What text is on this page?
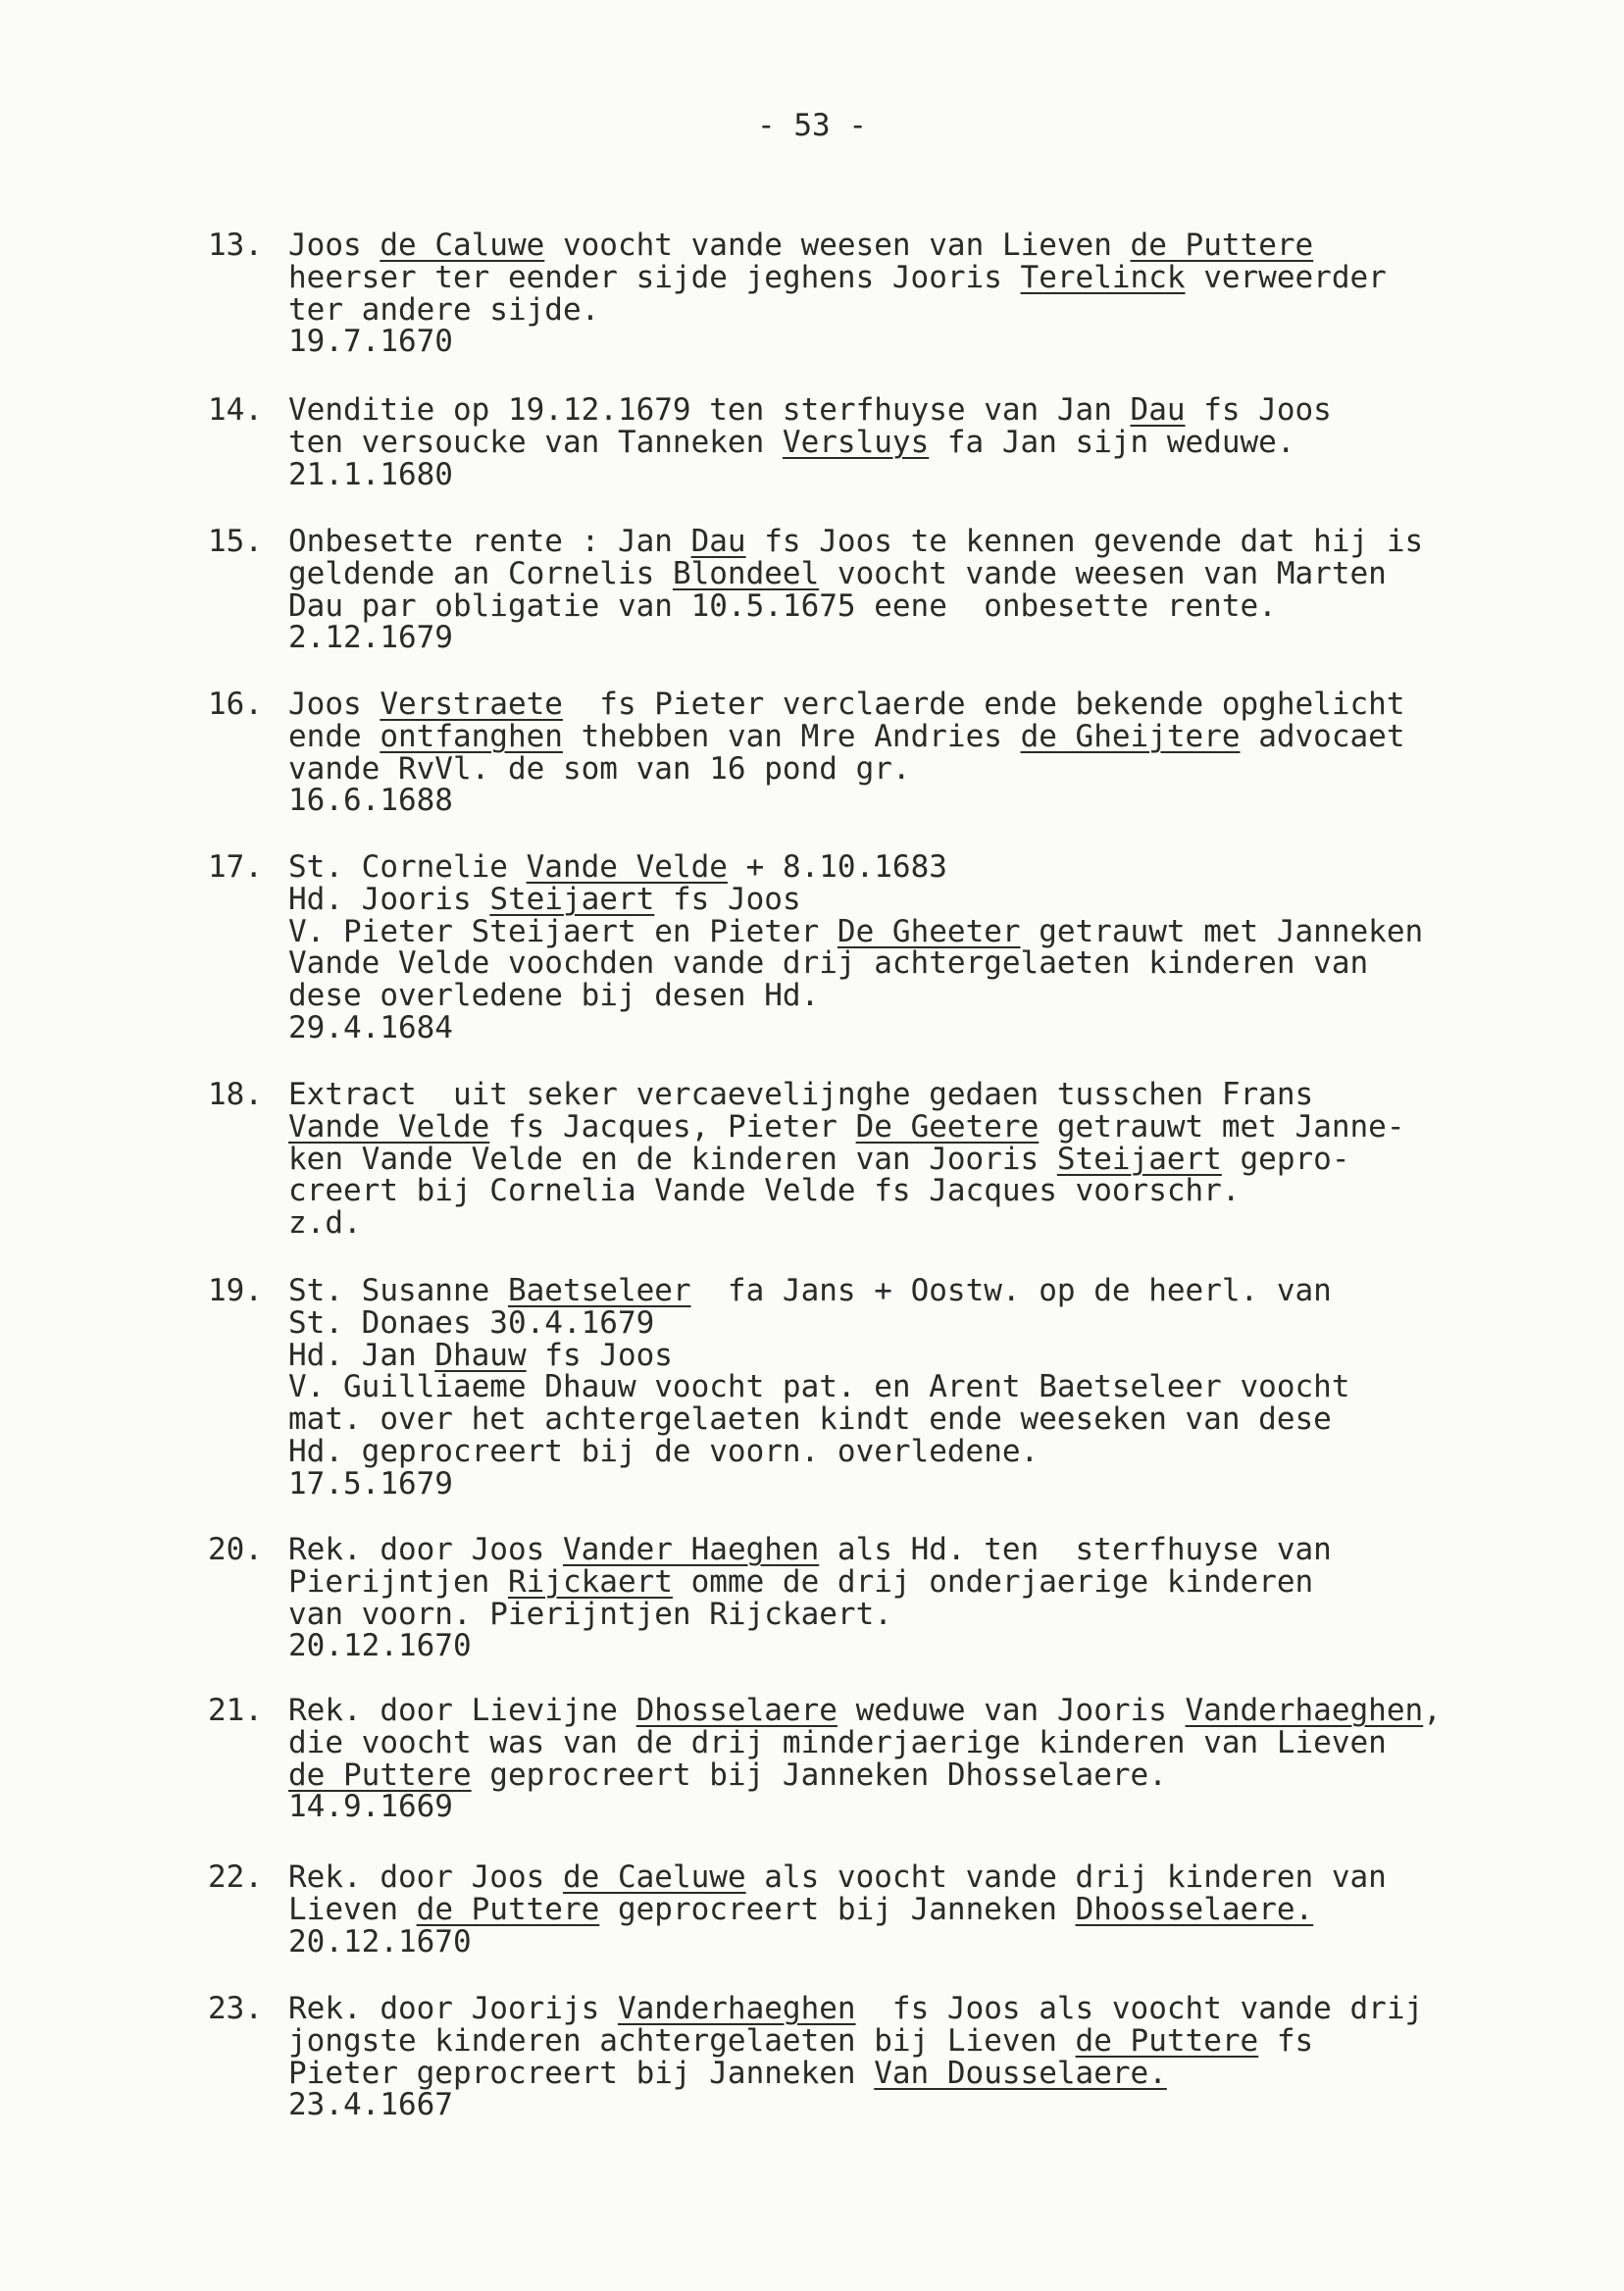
- 53 -
13. Joos de Caluwe voocht vande weesen van Lieven de Puttere
heerser ter eender sijde jeghens Jooris Terelinck verweerder
ter andere sijde.
19.7.1670
14. Venditie op 19.12.1679 ten sterfhuyse van Jan Dau fs Joos
ten versoucke van Tanneken Versluys fa Jan sijn weduwe.
21.1.1680
15. Onbesette rente : Jan Dau fs Joos te kennen gevende dat hij is
geldende an Cornelis Blondeel voocht vande weesen van Marten
Dau par obligatie van 10.5.1675 eene  onbesette rente.
2.12.1679
16. Joos Verstraete  fs Pieter verclaerde ende bekende opghelicht
ende ontfanghen thebben van Mre Andries de Gheijtere advocaet
vande RvVl. de som van 16 pond gr.
16.6.1688
17. St. Cornelie Vande Velde + 8.10.1683
Hd. Jooris Steijaert fs Joos
V. Pieter Steijaert en Pieter De Gheeter getrauwt met Janneken
Vande Velde voochden vande drij achtergelaeten kinderen van
dese overledene bij desen Hd.
29.4.1684
18. Extract  uit seker vercaevelijnghe gedaen tusschen Frans
Vande Velde fs Jacques, Pieter De Geetere getrauwt met Janne-
ken Vande Velde en de kinderen van Jooris Steijaert gepro-
creert bij Cornelia Vande Velde fs Jacques voorschr.
z.d.
19. St. Susanne Baetseleer  fa Jans + Oostw. op de heerl. van
St. Donaes 30.4.1679
Hd. Jan Dhauw fs Joos
V. Guilliaeme Dhauw voocht pat. en Arent Baetseleer voocht
mat. over het achtergelaeten kindt ende weeseken van dese
Hd. geprocreert bij de voorn. overledene.
17.5.1679
20. Rek. door Joos Vander Haeghen als Hd. ten  sterfhuyse van
Pierijntjen Rijckaert omme de drij onderjaerige kinderen
van voorn. Pierijntjen Rijckaert.
20.12.1670
21. Rek. door Lievijne Dhosselaere weduwe van Jooris Vanderhaeghen,
die voocht was van de drij minderjaerige kinderen van Lieven
de Puttere geprocreert bij Janneken Dhosselaere.
14.9.1669
22. Rek. door Joos de Caeluwe als voocht vande drij kinderen van
Lieven de Puttere geprocreert bij Janneken Dhoosselaere.
20.12.1670
23. Rek. door Joorijs Vanderhaeghen  fs Joos als voocht vande drij
jongste kinderen achtergelaeten bij Lieven de Puttere fs
Pieter geprocreert bij Janneken Van Dousselaere.
23.4.1667
